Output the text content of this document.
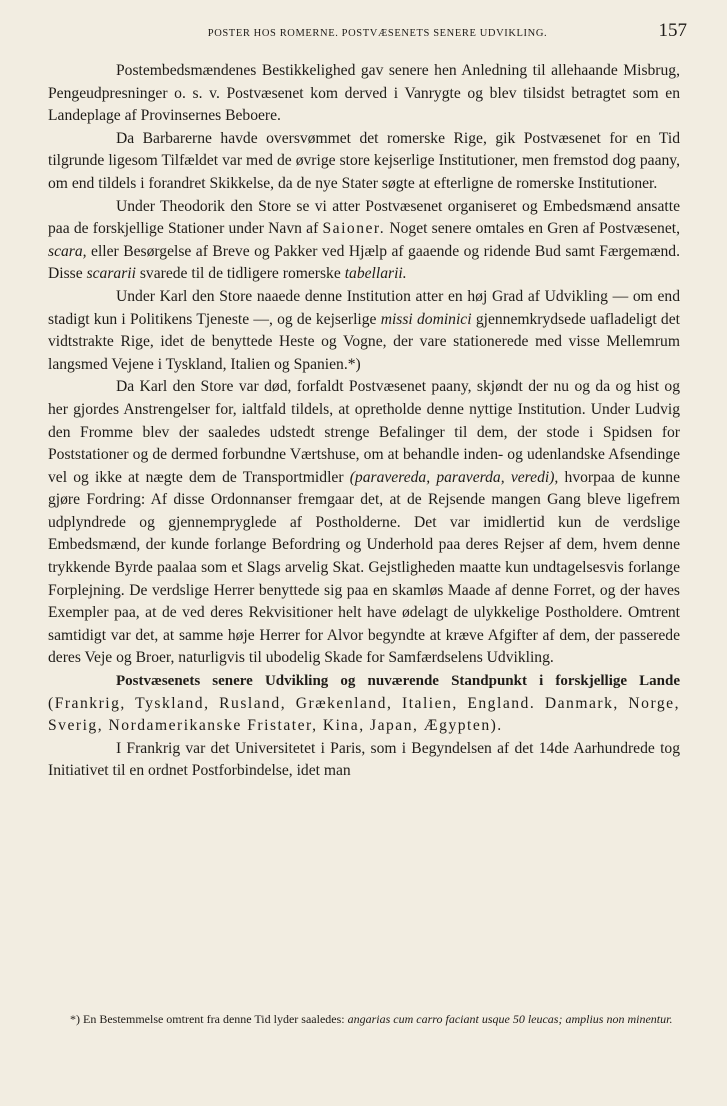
POSTER HOS ROMERNE. POSTVÆSENETS SENERE UDVIKLING.	157

Postembedsmændenes Bestikkelighed gav senere hen Anledning til allehaande Misbrug, Pengeudpresninger o. s. v. Postvæsenet kom derved i Vanrygte og blev tilsidst betragtet som en Landeplage af Provinsernes Beboere.

Da Barbarerne havde oversvømmet det romerske Rige, gik Postvæsenet for en Tid tilgrunde ligesom Tilfældet var med de øvrige store kejserlige Institutioner, men fremstod dog paany, om end tildels i forandret Skikkelse, da de nye Stater søgte at efterligne de romerske Institutioner.

Under Theodorik den Store se vi atter Postvæsenet organiseret og Embedsmænd ansatte paa de forskjellige Stationer under Navn af Saioner. Noget senere omtales en Gren af Postvæsenet, scara, eller Besørgelse af Breve og Pakker ved Hjælp af gaaende og ridende Bud samt Færgemænd. Disse scararii svarede til de tidligere romerske tabellarii.

Under Karl den Store naaede denne Institution atter en høj Grad af Udvikling — om end stadigt kun i Politikens Tjeneste —, og de kejserlige missi dominici gjennemkrydsede uafladeligt det vidtstrakte Rige, idet de benyttede Heste og Vogne, der vare stationerede med visse Mellemrum langsmed Vejene i Tyskland, Italien og Spanien.*)

Da Karl den Store var død, forfaldt Postvæsenet paany, skjøndt der nu og da og hist og her gjordes Anstrengelser for, ialtfald tildels, at opretholde denne nyttige Institution. Under Ludvig den Fromme blev der saaledes udstedt strenge Befalinger til dem, der stode i Spidsen for Poststationer og de dermed forbundne Værtshuse, om at behandle inden- og udenlandske Afsendinge vel og ikke at nægte dem de Transportmidler (paravereda, paraverda, veredi), hvorpaa de kunne gjøre Fordring: Af disse Ordonnanser fremgaar det, at de Rejsende mangen Gang bleve ligefrem udplyndrede og gjennempryglede af Postholderne. Det var imidlertid kun de verdslige Embedsmænd, der kunde forlange Befordring og Underhold paa deres Rejser af dem, hvem denne trykkende Byrde paalaa som et Slags arvelig Skat. Gejstligheden maatte kun undtagelsesvis forlange Forplejning. De verdslige Herrer benyttede sig paa en skamløs Maade af denne Forret, og der haves Exempler paa, at de ved deres Rekvisitioner helt have ødelagt de ulykkelige Postholdere. Omtrent samtidigt var det, at samme høje Herrer for Alvor begyndte at kræve Afgifter af dem, der passerede deres Veje og Broer, naturligvis til ubodelig Skade for Samfærdselens Udvikling.

Postvæsenets senere Udvikling og nuværende Standpunkt i forskjellige Lande (Frankrig, Tyskland, Rusland, Grækenland, Italien, England. Danmark, Norge, Sverig, Nordamerikanske Fristater, Kina, Japan, Ægypten).

I Frankrig var det Universitetet i Paris, som i Begyndelsen af det 14de Aarhundrede tog Initiativet til en ordnet Postforbindelse, idet man

*) En Bestemmelse omtrent fra denne Tid lyder saaledes: angarias cum carro faciant usque 50 leucas; amplius non minentur.
